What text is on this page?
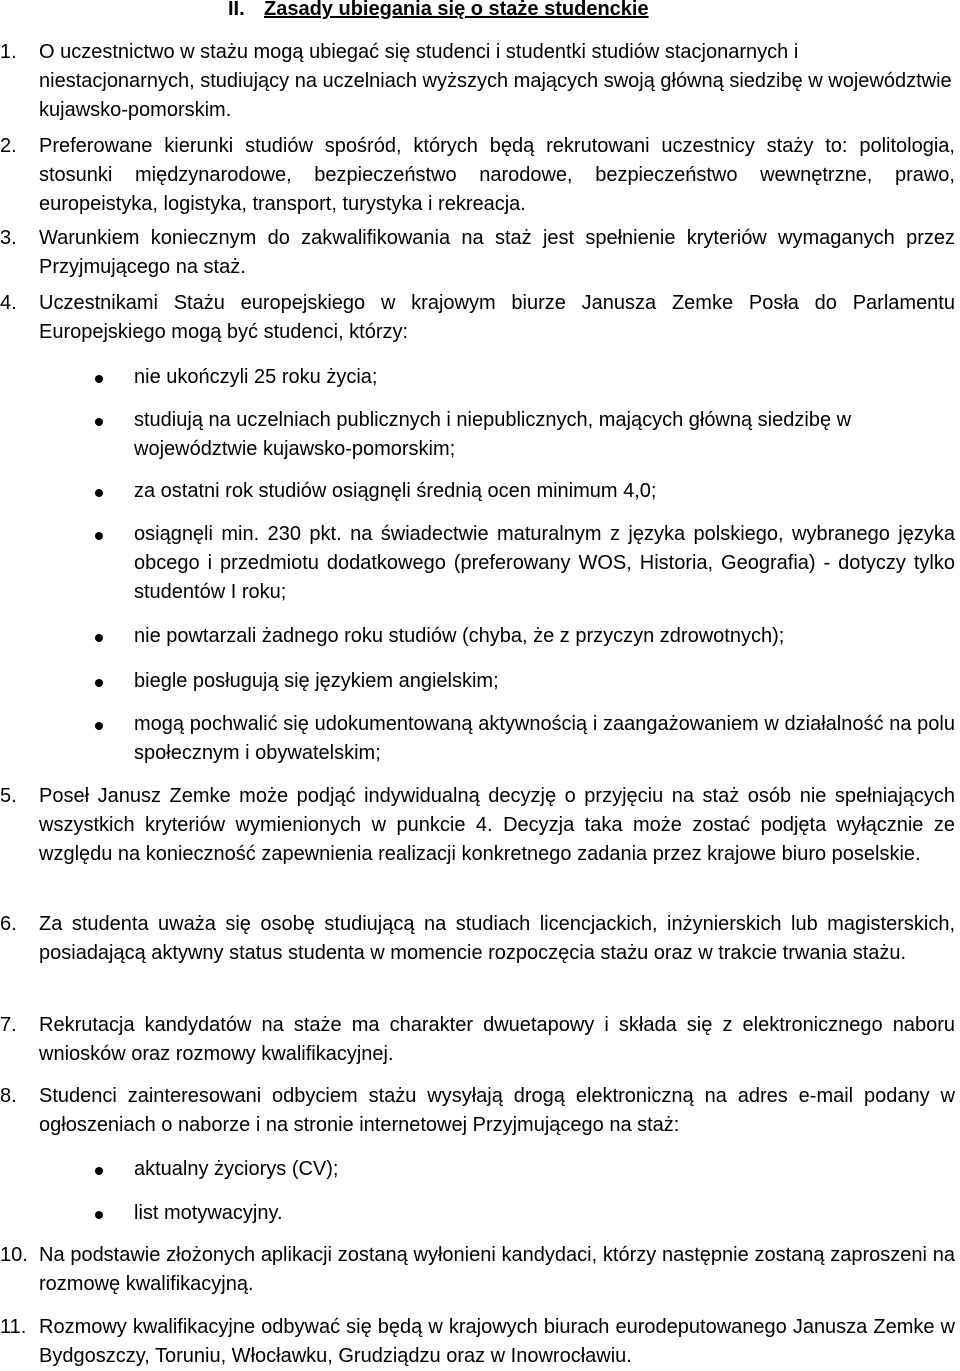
II. Zasady ubiegania się o staże studenckie
1.	O uczestnictwo w stażu mogą ubiegać się studenci i studentki studiów stacjonarnych i niestacjonarnych, studiujący na uczelniach wyższych mających swoją główną siedzibę w województwie kujawsko-pomorskim.
2.	Preferowane kierunki studiów spośród, których będą rekrutowani uczestnicy staży to: politologia, stosunki międzynarodowe, bezpieczeństwo narodowe, bezpieczeństwo wewnętrzne, prawo, europeistyka, logistyka, transport, turystyka i rekreacja.
3.	Warunkiem koniecznym do zakwalifikowania na staż jest spełnienie kryteriów wymaganych przez Przyjmującego na staż.
4.	Uczestnikami Stażu europejskiego w krajowym biurze Janusza Zemke Posła do Parlamentu Europejskiego mogą być studenci, którzy:
nie ukończyli 25 roku życia;
studiują na uczelniach publicznych i niepublicznych, mających główną siedzibę w województwie kujawsko-pomorskim;
za ostatni rok studiów osiągnęli średnią ocen minimum 4,0;
osiągnęli min. 230 pkt. na świadectwie maturalnym z języka polskiego, wybranego języka obcego i przedmiotu dodatkowego (preferowany WOS, Historia, Geografia) - dotyczy tylko studentów I roku;
nie powtarzali żadnego roku studiów (chyba, że z przyczyn zdrowotnych);
biegle posługują się językiem angielskim;
mogą pochwalić się udokumentowaną aktywnością i zaangażowaniem w działalność na polu społecznym i obywatelskim;
5.	Poseł Janusz Zemke może podjąć indywidualną decyzję o przyjęciu na staż osób nie spełniających wszystkich kryteriów wymienionych w punkcie 4. Decyzja taka może zostać podjęta wyłącznie ze względu na konieczność zapewnienia realizacji konkretnego zadania przez krajowe biuro poselskie.
6.	Za studenta uważa się osobę studiującą na studiach licencjackich, inżynierskich lub magisterskich, posiadającą aktywny status studenta w momencie rozpoczęcia stażu oraz w trakcie trwania stażu.
7.	Rekrutacja kandydatów na staże ma charakter dwuetapowy i składa się z elektronicznego naboru wniosków oraz rozmowy kwalifikacyjnej.
8.	Studenci zainteresowani odbyciem stażu wysyłają drogą elektroniczną na adres e-mail podany w ogłoszeniach o naborze i na stronie internetowej Przyjmującego na staż:
aktualny życiorys (CV);
list motywacyjny.
10. Na podstawie złożonych aplikacji zostaną wyłonieni kandydaci, którzy następnie zostaną zaproszeni na rozmowę kwalifikacyjną.
11. Rozmowy kwalifikacyjne odbywać się będą w krajowych biurach eurodeputowanego Janusza Zemke w Bydgoszczy, Toruniu, Włocławku, Grudziądzu oraz w Inowrocławiu.
